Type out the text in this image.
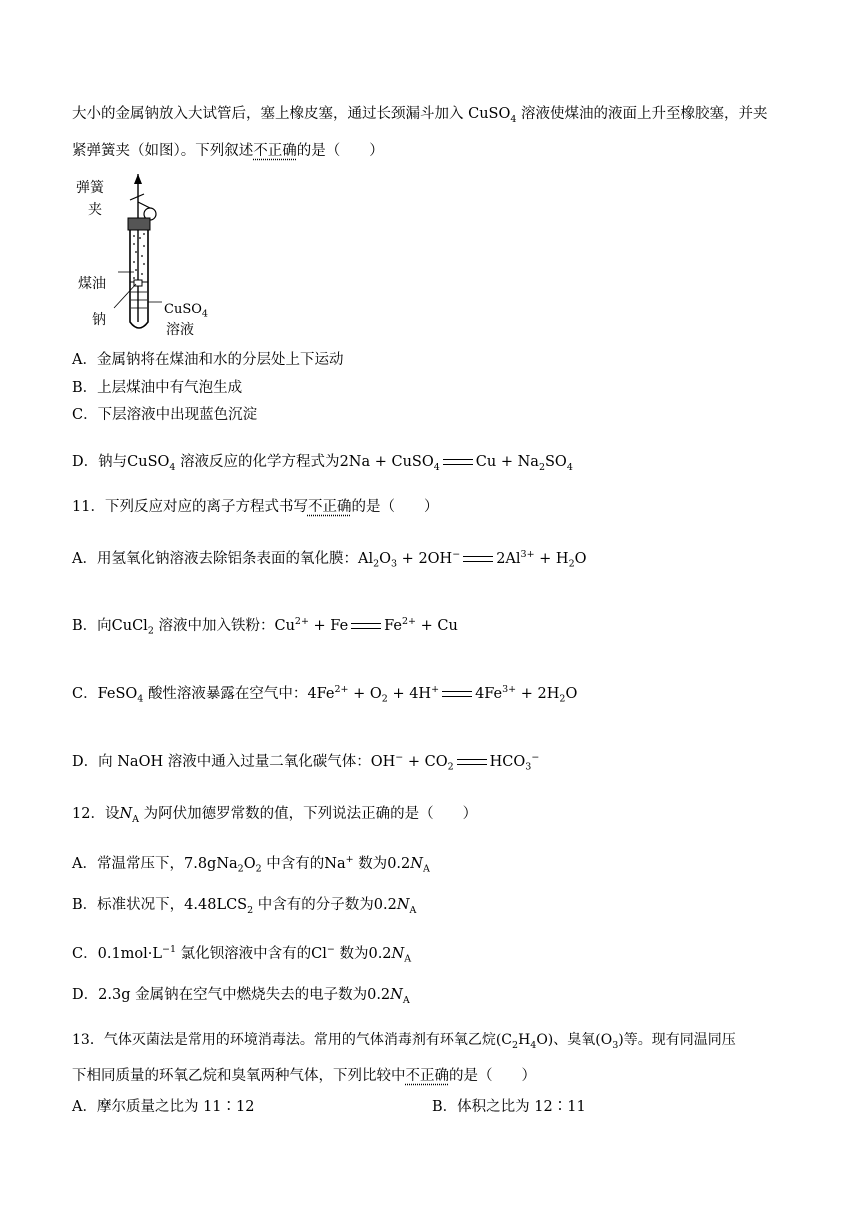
大小的金属钠放入大试管后，塞上橡皮塞，通过长颈漏斗加入 CuSO$_4$ 溶液使煤油的液面上升至橡胶塞，并夹
紧弹簧夹（如图）。下列叙述不正确的是（　　）
弹簧
夹
煤油
钠
CuSO$_4$
溶液
A．金属钠将在煤油和水的分层处上下运动
B．上层煤油中有气泡生成
C．下层溶液中出现蓝色沉淀
D．钠与CuSO$_4$ 溶液反应的化学方程式为2Na + CuSO$_4$ $Cu + Na_2SO_4$
11．下列反应对应的离子方程式书写不正确的是（　　）
A．用氢氧化钠溶液去除铝条表面的氧化膜：$Al_2O_3 + 2OH^-$ $2Al^{3+} + H_2O$
B．向CuCl$_2$ 溶液中加入铁粉：$Cu^{2+} + Fe$ $Fe^{2+} + Cu$
C．FeSO$_4$ 酸性溶液暴露在空气中：$4Fe^{2+} + O_2 + 4H^+$ $4Fe^{3+} + 2H_2O$
D．向 NaOH 溶液中通入过量二氧化碳气体：$OH^- + CO_2$ $HCO_3^-$
12．设$N_A$ 为阿伏加德罗常数的值，下列说法正确的是（　　）
A．常温常压下，$7.8gNa_2O_2$ 中含有的Na+ 数为$0.2N_A$
B．标准状况下，$4.48LCS_2$ 中含有的分子数为$0.2N_A$
C．$0.1mol\cdot L^{-1}$ 氯化钡溶液中含有的Cl− 数为$0.2N_A$
D．2.3g 金属钠在空气中燃烧失去的电子数为$0.2N_A$
13．气体灭菌法是常用的环境消毒法。常用的气体消毒剂有环氧乙烷$(C_2H_4O)$、臭氧$(O_3)$等。现有同温同压
下相同质量的环氧乙烷和臭氧两种气体，下列比较中不正确的是（　　）
A．摩尔质量之比为 11∶12	B．体积之比为 12∶11
